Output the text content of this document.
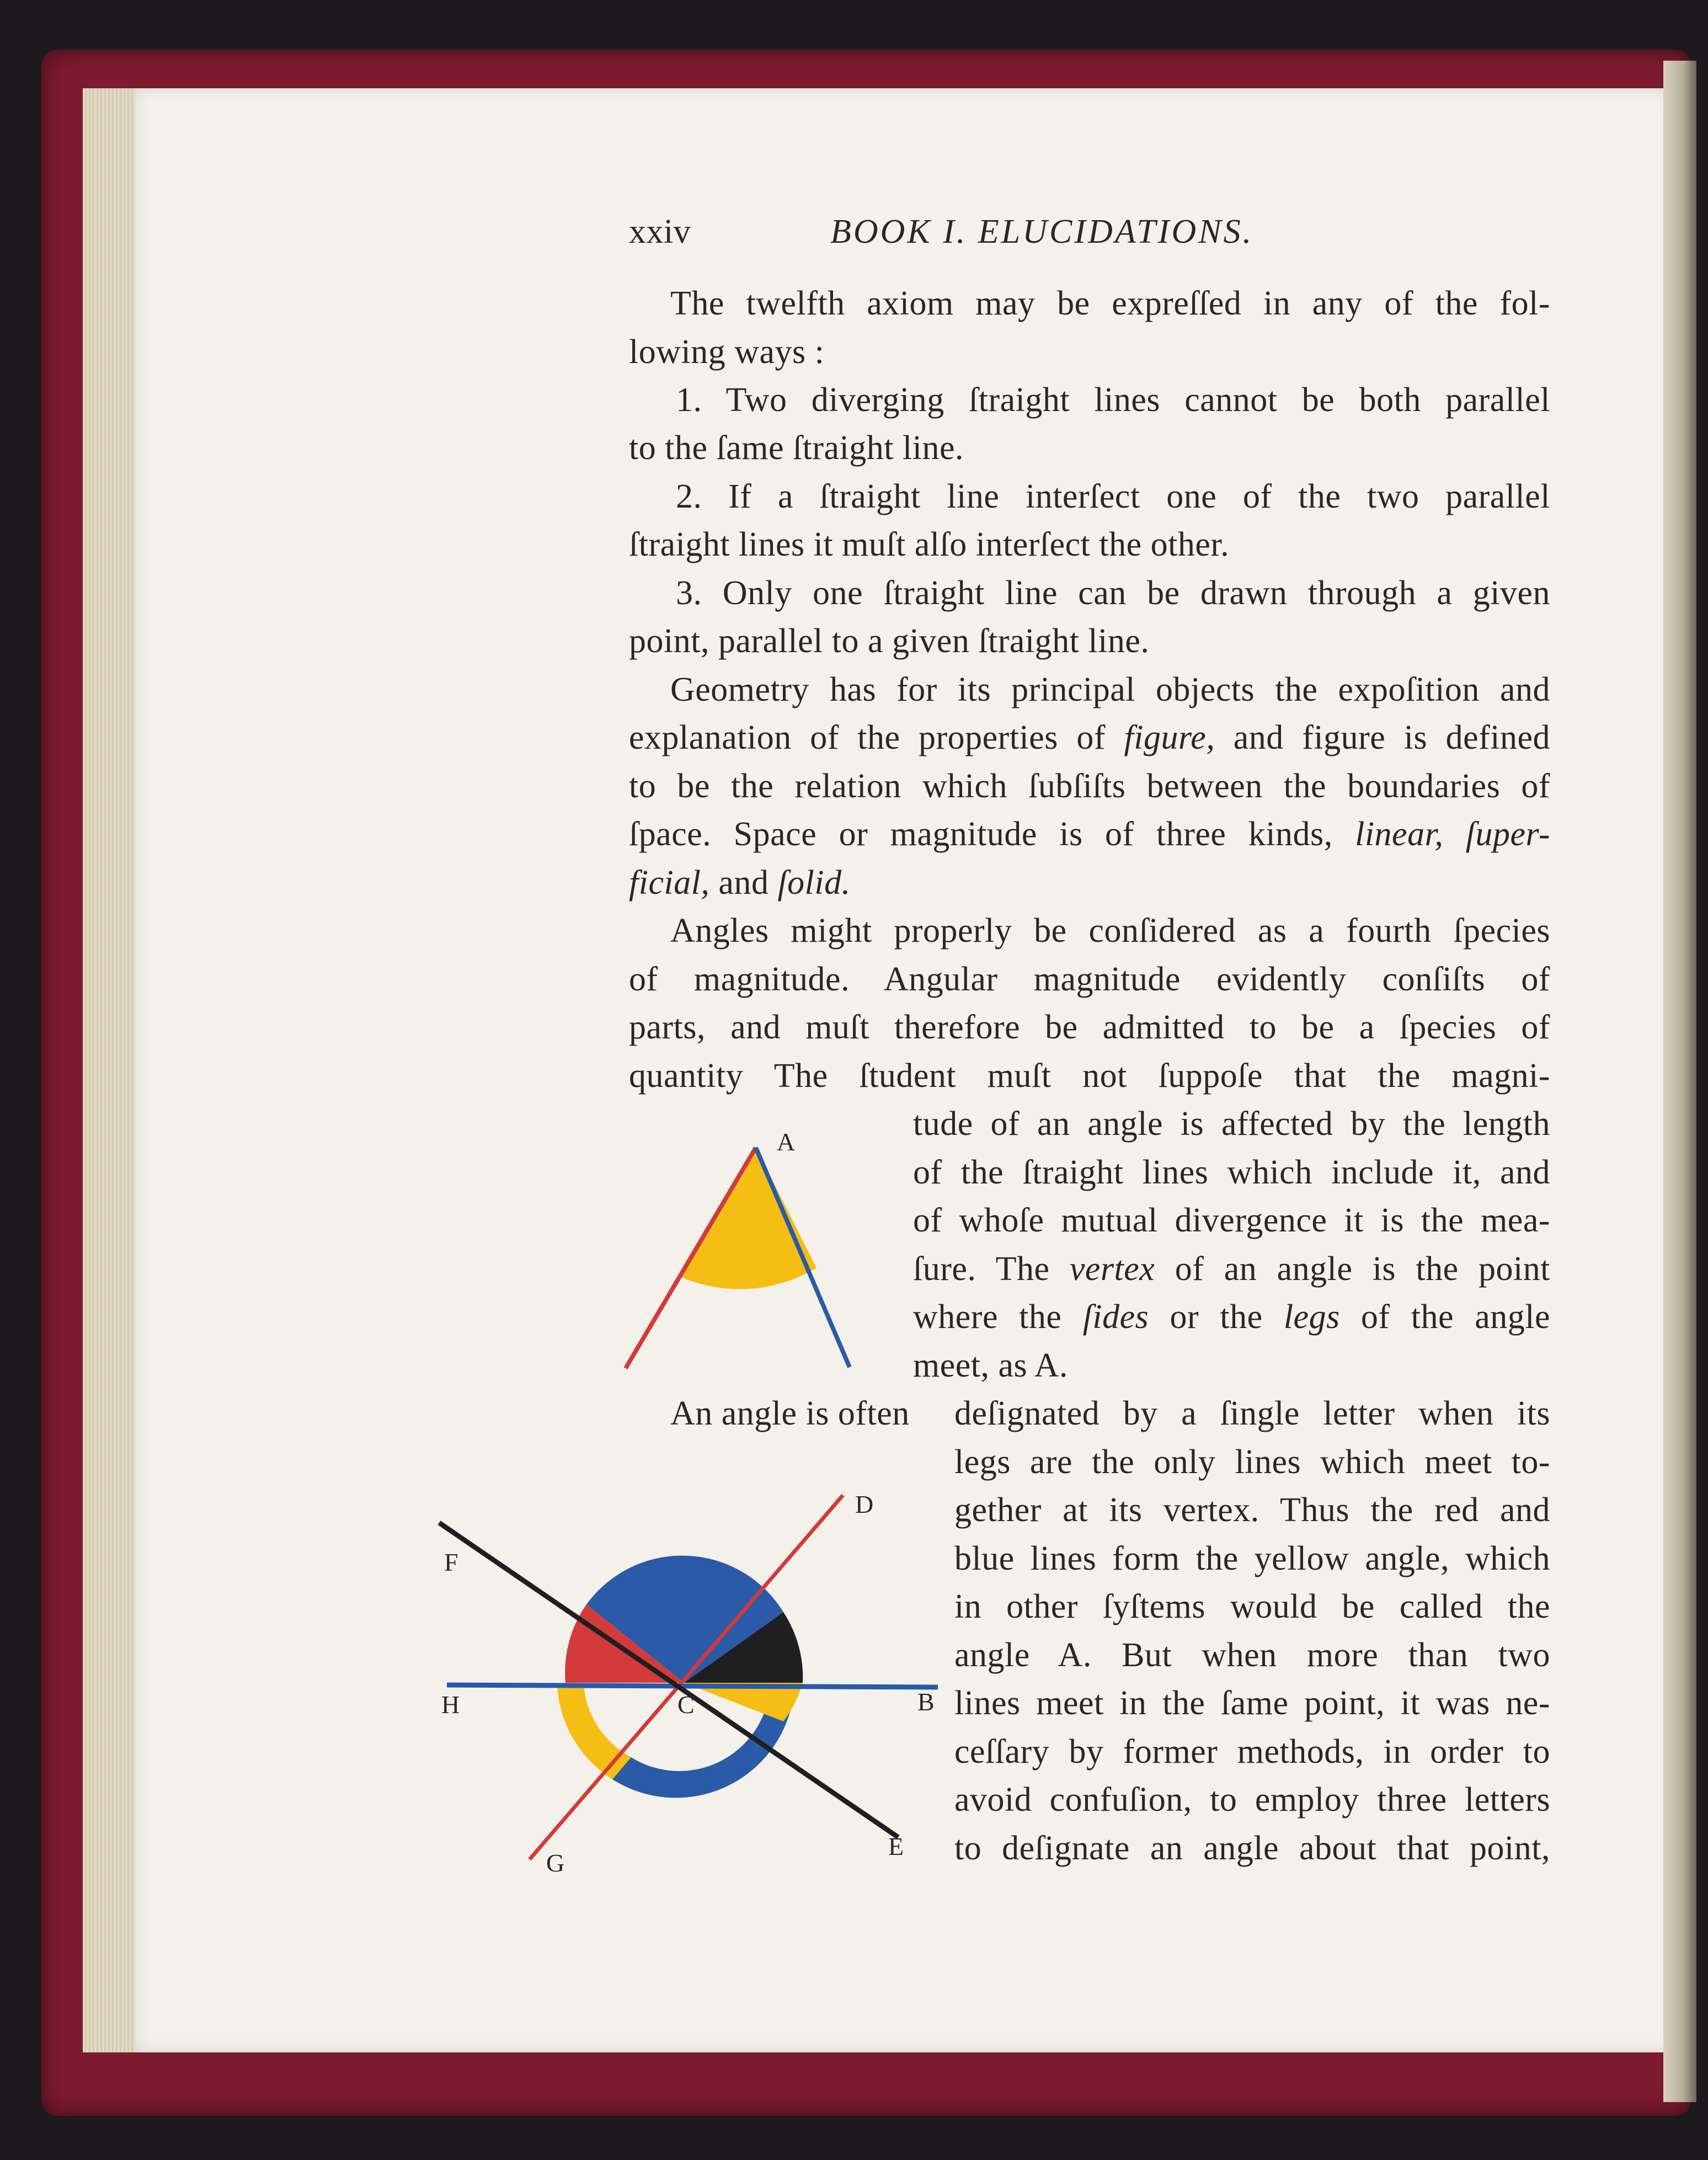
xxiv	BOOK I. ELUCIDATIONS.

The twelfth axiom may be expreſſed in any of the fol-

lowing ways :

1. Two diverging ſtraight lines cannot be both parallel

to the ſame ſtraight line.

2. If a ſtraight line interſect one of the two parallel

ſtraight lines it muſt alſo interſect the other.

3. Only one ſtraight line can be drawn through a given

point, parallel to a given ſtraight line.

Geometry has for its principal objects the expoſition and

explanation of the properties of figure, and figure is defined

to be the relation which ſubſiſts between the boundaries of

ſpace. Space or magnitude is of three kinds, linear, ſuper-

ficial, and ſolid.

Angles might properly be conſidered as a fourth ſpecies

of magnitude. Angular magnitude evidently conſiſts of

parts, and muſt therefore be admitted to be a ſpecies of

quantity The ſtudent muſt not ſuppoſe that the magni-

tude of an angle is affected by the length

of the ſtraight lines which include it, and

of whoſe mutual divergence it is the mea-

ſure. The vertex of an angle is the point

where the ſides or the legs of the angle

meet, as A.

An angle is often deſignated by a ſingle letter when its

legs are the only lines which meet to-

gether at its vertex. Thus the red and

blue lines form the yellow angle, which

in other ſyſtems would be called the

angle A. But when more than two

lines meet in the ſame point, it was ne-

ceſſary by former methods, in order to

avoid confuſion, to employ three letters

to deſignate an angle about that point,

A

D

F

H	C	B

G

E
